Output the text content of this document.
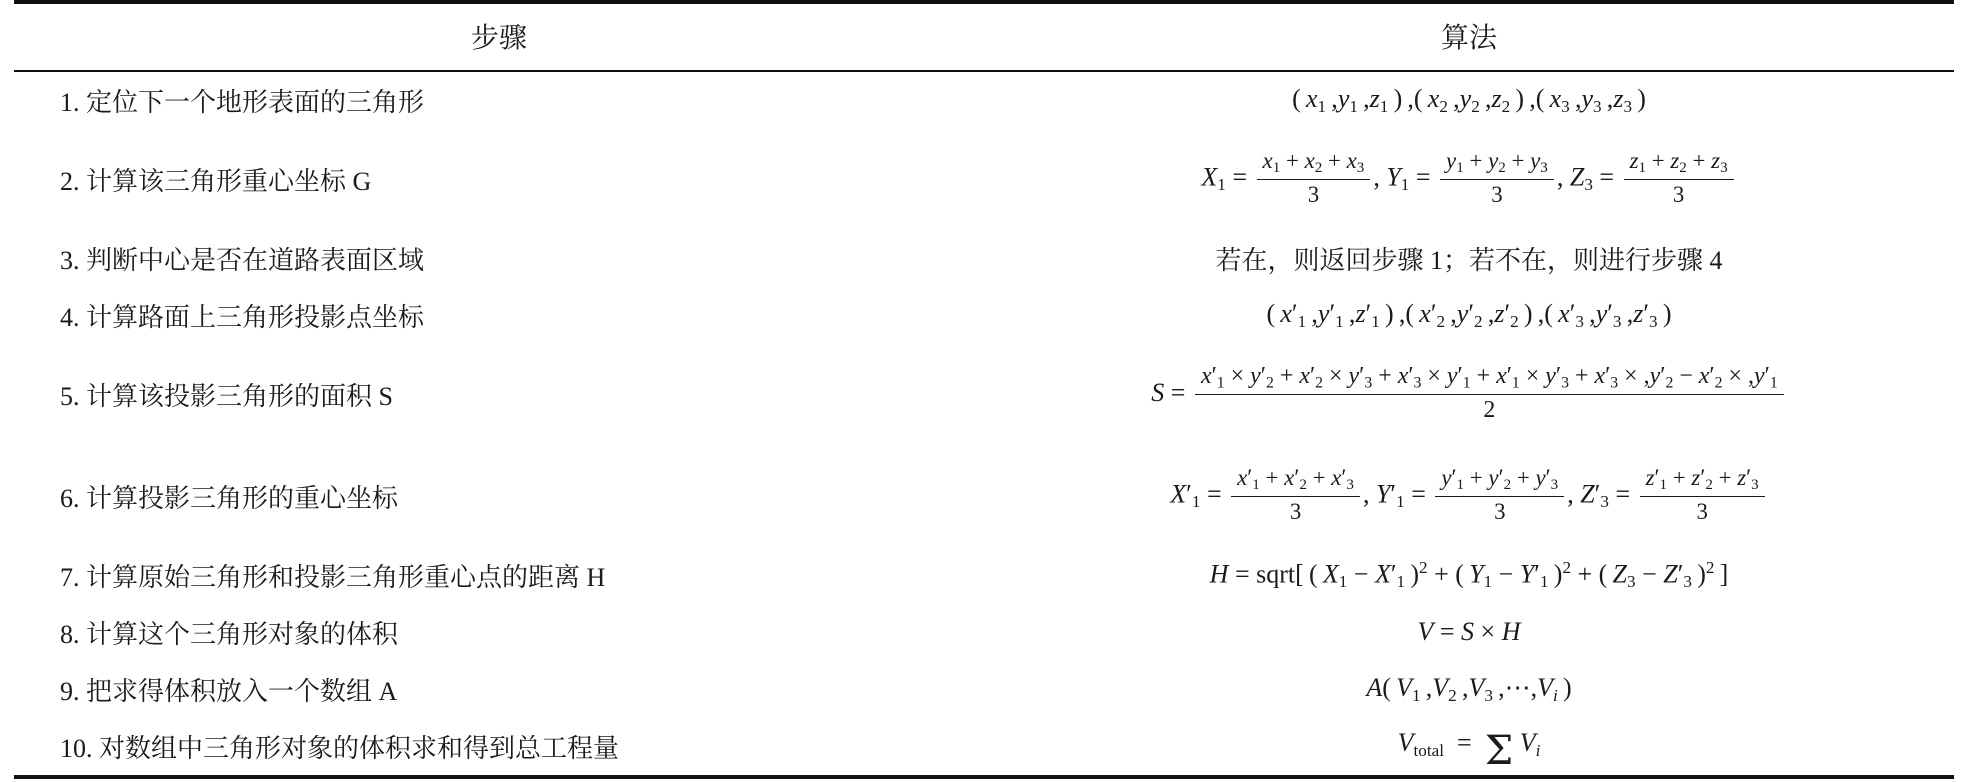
步骤	算法
1. 定位下一个地形表面的三角形	( $x_1$ $,y_1$ $,z_1$ ) ,( $x_2$ $,y_2$ $,z_2$ ) ,( $x_3$ $,y_3$ $,z_3$ )
2. 计算该三角形重心坐标 G	$X_1 = \frac{x_1 + x_2 + x_3}{3}$ , $Y_1 = \frac{y_1 + y_2 + y_3}{3}$ , $Z_3 = \frac{z_1 + z_2 + z_3}{3}$

3. 判断中心是否在道路表面区域	若在，则返回步骤 1；若不在，则进行步骤 4
4. 计算路面上三角形投影点坐标	( $x'_1$ $,y'_1$ $,z'_1$ ) ,( $x'_2$ $,y'_2$ $,z'_2$ ) ,( $x'_3$ $,y'_3$ $,z'_3$ )
5. 计算该投影三角形的面积 S	S =
$x'_1 \times y'_2 + x'_2 \times y'_3 + x'_3 \times y'_1 + x'_1 \times y'_3 + x'_3 \times ,y'_2 - x'_2 \times ,y'_1$
2

6. 计算投影三角形的重心坐标	$X'_1 = \frac{x'_1 + x'_2 + x'_3}{3}$ , $Y'_1 = \frac{y'_1 + y'_2 + y'_3}{3}$ , $Z'_3 = \frac{z'_1 + z'_2 + z'_3}{3}$

7. 计算原始三角形和投影三角形重心点的距离 H	H = sqrt[ ( $X_1 - X'_1$ )$^2$ + ( $Y_1 - Y'_1$ )$^2$ + ( $Z_3 - Z'_3$ )$^2$ ]
8. 计算这个三角形对象的体积	V = S × H
9. 把求得体积放入一个数组 A	A( $V_1$ $,V_2$ $,V_3$ $,\cdots,V_i$ )
10. 对数组中三角形对象的体积求和得到总工程量	$V_{total} = \Sigma$ $V_i$
